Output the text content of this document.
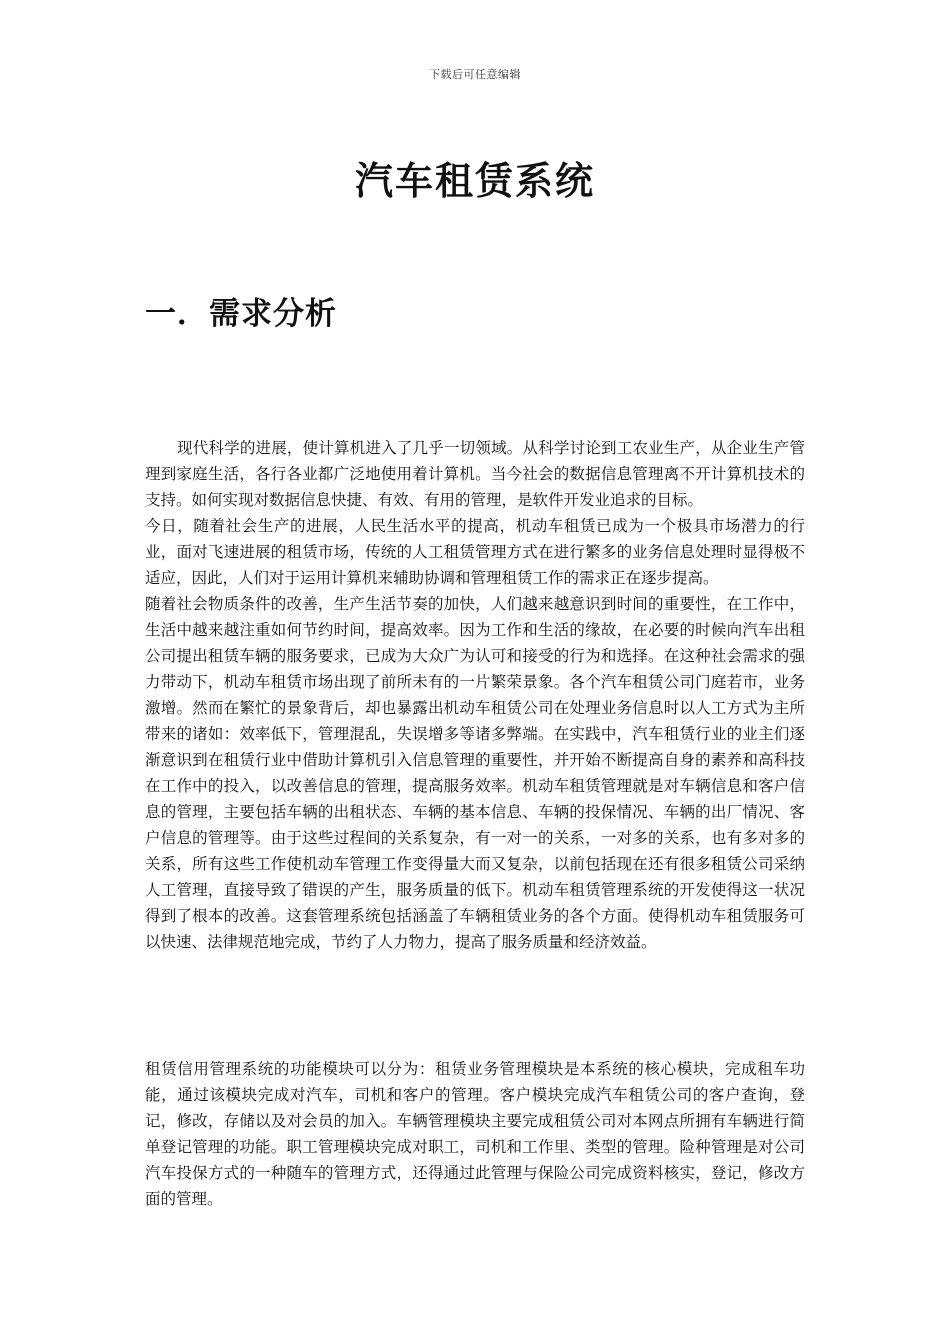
下载后可任意编辑
汽车租赁系统
一．需求分析

现代科学的进展，使计算机进入了几乎一切领域。从科学讨论到工农业生产，从企业生产管理到家庭生活，各行各业都广泛地使用着计算机。当今社会的数据信息管理离不开计算机技术的支持。如何实现对数据信息快捷、有效、有用的管理，是软件开发业追求的目标。

今日，随着社会生产的进展，人民生活水平的提高，机动车租赁已成为一个极具市场潜力的行业，面对飞速进展的租赁市场，传统的人工租赁管理方式在进行繁多的业务信息处理时显得极不适应，因此，人们对于运用计算机来辅助协调和管理租赁工作的需求正在逐步提高。

随着社会物质条件的改善，生产生活节奏的加快，人们越来越意识到时间的重要性，在工作中，生活中越来越注重如何节约时间，提高效率。因为工作和生活的缘故，在必要的时候向汽车出租公司提出租赁车辆的服务要求，已成为大众广为认可和接受的行为和选择。在这种社会需求的强力带动下，机动车租赁市场出现了前所未有的一片繁荣景象。各个汽车租赁公司门庭若市，业务激增。然而在繁忙的景象背后，却也暴露出机动车租赁公司在处理业务信息时以人工方式为主所带来的诸如：效率低下，管理混乱，失误增多等诸多弊端。在实践中，汽车租赁行业的业主们逐渐意识到在租赁行业中借助计算机引入信息管理的重要性，并开始不断提高自身的素养和高科技在工作中的投入，以改善信息的管理，提高服务效率。机动车租赁管理就是对车辆信息和客户信息的管理，主要包括车辆的出租状态、车辆的基本信息、车辆的投保情况、车辆的出厂情况、客户信息的管理等。由于这些过程间的关系复杂，有一对一的关系，一对多的关系，也有多对多的关系，所有这些工作使机动车管理工作变得量大而又复杂，以前包括现在还有很多租赁公司采纳人工管理，直接导致了错误的产生，服务质量的低下。机动车租赁管理系统的开发使得这一状况得到了根本的改善。这套管理系统包括涵盖了车辆租赁业务的各个方面。使得机动车租赁服务可以快速、法律规范地完成，节约了人力物力，提高了服务质量和经济效益。

租赁信用管理系统的功能模块可以分为：租赁业务管理模块是本系统的核心模块，完成租车功能，通过该模块完成对汽车，司机和客户的管理。客户模块完成汽车租赁公司的客户查询，登记，修改，存储以及对会员的加入。车辆管理模块主要完成租赁公司对本网点所拥有车辆进行简单登记管理的功能。职工管理模块完成对职工，司机和工作里、类型的管理。险种管理是对公司汽车投保方式的一种随车的管理方式，还得通过此管理与保险公司完成资料核实，登记，修改方面的管理。
